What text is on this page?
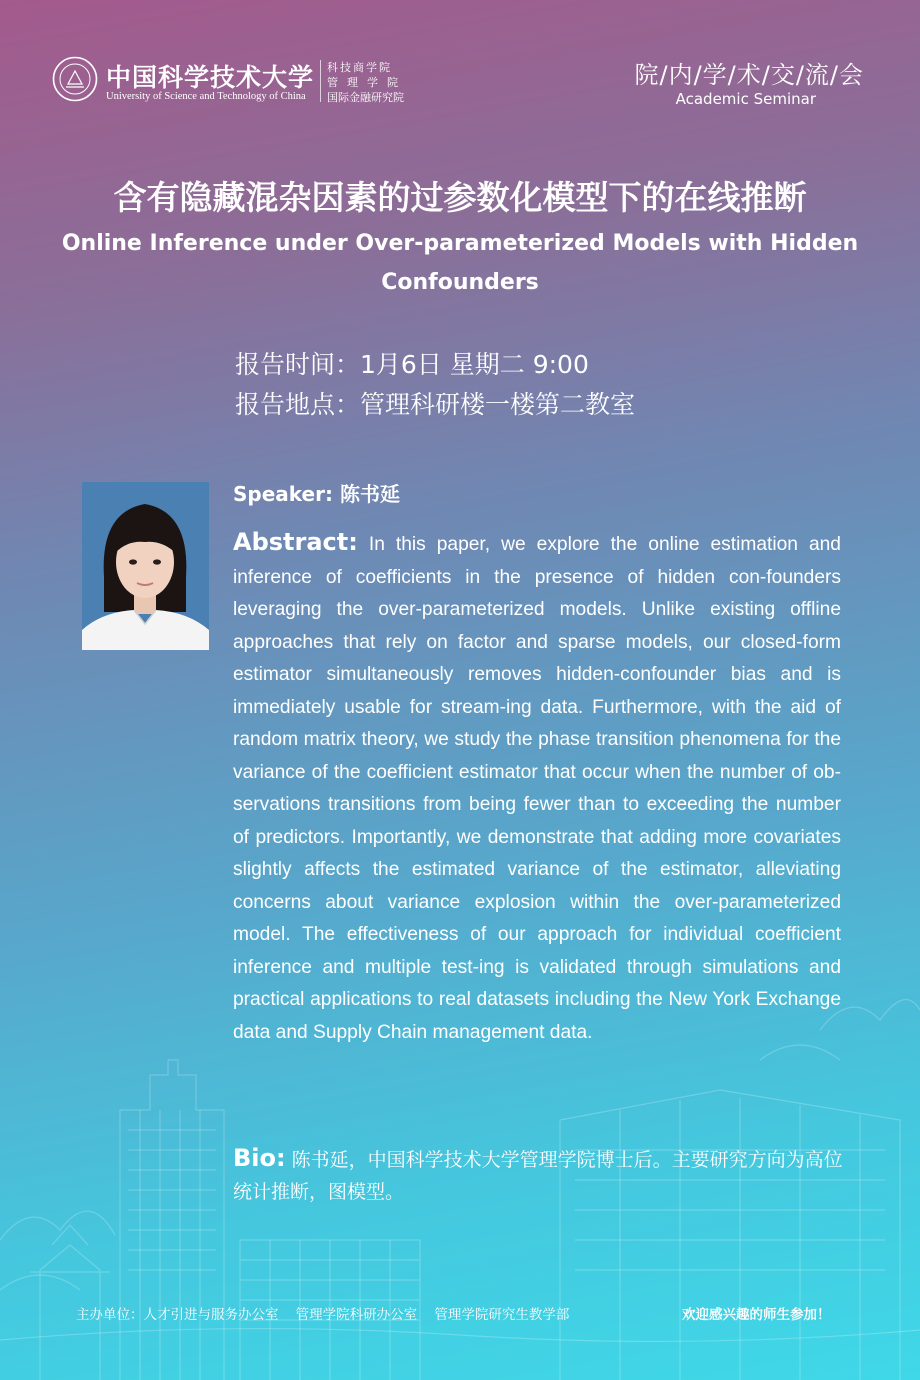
中国科学技术大学
University of Science and Technology of China
科技商学院
管理学院
国际金融研究院
院/内/学/术/交/流/会
Academic Seminar
含有隐藏混杂因素的过参数化模型下的在线推断
Online Inference under Over-parameterized Models with Hidden Confounders
报告时间：1月6日 星期二 9:00
报告地点：管理科研楼一楼第二教室
Speaker: 陈书延
Abstract: In this paper, we explore the online estimation and inference of coefficients in the presence of hidden con-founders leveraging the over-parameterized models. Unlike existing offline approaches that rely on factor and sparse models, our closed-form estimator simultaneously removes hidden-confounder bias and is immediately usable for stream-ing data. Furthermore, with the aid of random matrix theory, we study the phase transition phenomena for the variance of the coefficient estimator that occur when the number of ob-servations transitions from being fewer than to exceeding the number of predictors. Importantly, we demonstrate that adding more covariates slightly affects the estimated variance of the estimator, alleviating concerns about variance explosion within the over-parameterized model. The effectiveness of our approach for individual coefficient inference and multiple test-ing is validated through simulations and practical applications to real datasets including the New York Exchange data and Supply Chain management data.
Bio: 陈书延，中国科学技术大学管理学院博士后。主要研究方向为高位统计推断，图模型。
主办单位：人才引进与服务办公室    管理学院科研办公室    管理学院研究生教学部	欢迎感兴趣的师生参加！
